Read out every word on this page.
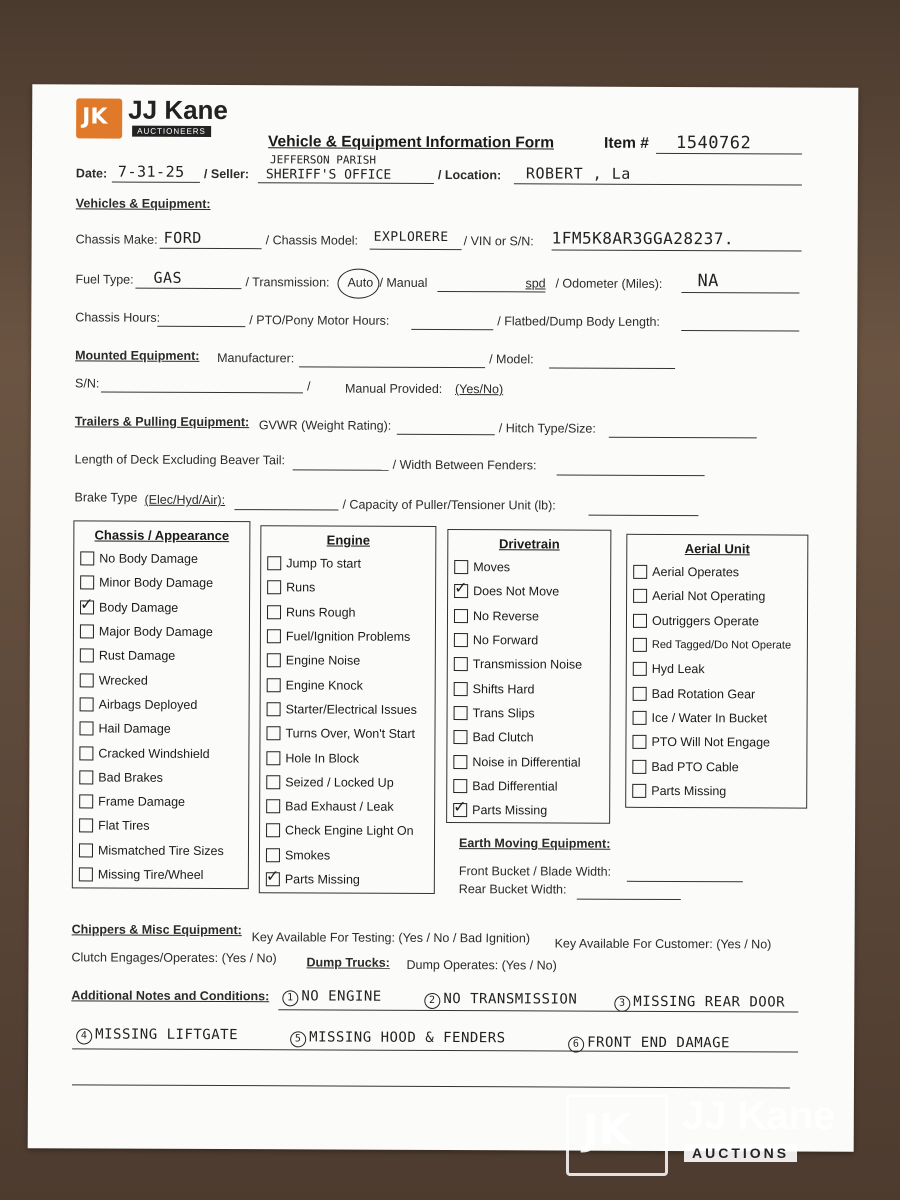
JK JJ Kane
AUCTIONEERS
Vehicle & Equipment Information Form	Item # 1540762
Date: 7-31-25 / Seller:
JEFFERSON PARISH
SHERIFF'S OFFICE	/ Location: ROBERT , La
Vehicles & Equipment:
Chassis Make: FORD	/ Chassis Model: EXPLORERE / VIN or S/N: 1FM5K8AR3GGA28237.
Fuel Type: GAS	/ Transmission: Auto / Manual	spd / Odometer (Miles): NA
Chassis Hours:	/ PTO/Pony Motor Hours:	/ Flatbed/Dump Body Length:
Mounted Equipment: Manufacturer:	/ Model:
S/N:	/	Manual Provided: (Yes/No)
Trailers & Pulling Equipment: GVWR (Weight Rating):	/ Hitch Type/Size:
Length of Deck Excluding Beaver Tail:	/ Width Between Fenders:
Brake Type (Elec/Hyd/Air):	/ Capacity of Puller/Tensioner Unit (lb):
Chassis / Appearance
No Body Damage
Minor Body Damage
✓
Body Damage
Major Body Damage
Rust Damage
Wrecked
Airbags Deployed
Hail Damage
Cracked Windshield
Bad Brakes
Frame Damage
Flat Tires
Mismatched Tire Sizes
Missing Tire/Wheel
Engine
Jump To start
Runs
Runs Rough
Fuel/Ignition Problems
Engine Noise
Engine Knock
Starter/Electrical Issues
Turns Over, Won't Start
Hole In Block
Seized / Locked Up
Bad Exhaust / Leak
Check Engine Light On
Smokes
✓
Parts Missing
Drivetrain
Moves
✓
Does Not Move
No Reverse
No Forward
Transmission Noise
Shifts Hard
Trans Slips
Bad Clutch
Noise in Differential
Bad Differential
✓
Parts Missing
Aerial Unit
Aerial Operates
Aerial Not Operating
Outriggers Operate
Red Tagged/Do Not Operate
Hyd Leak
Bad Rotation Gear
Ice / Water In Bucket
PTO Will Not Engage
Bad PTO Cable
Parts Missing
Earth Moving Equipment:
Front Bucket / Blade Width:
Rear Bucket Width:
Chippers & Misc Equipment:
Key Available For Testing: (Yes / No / Bad Ignition) Key Available For Customer: (Yes / No)
Clutch Engages/Operates: (Yes / No) Dump Trucks: Dump Operates: (Yes / No)
Additional Notes and Conditions:	1 NO ENGINE	2 NO TRANSMISSION	3 MISSING REAR DOOR
4 MISSING LIFTGATE	5 MISSING HOOD & FENDERS	6 FRONT END DAMAGE
JK JJ Kane
AUCTIONS
